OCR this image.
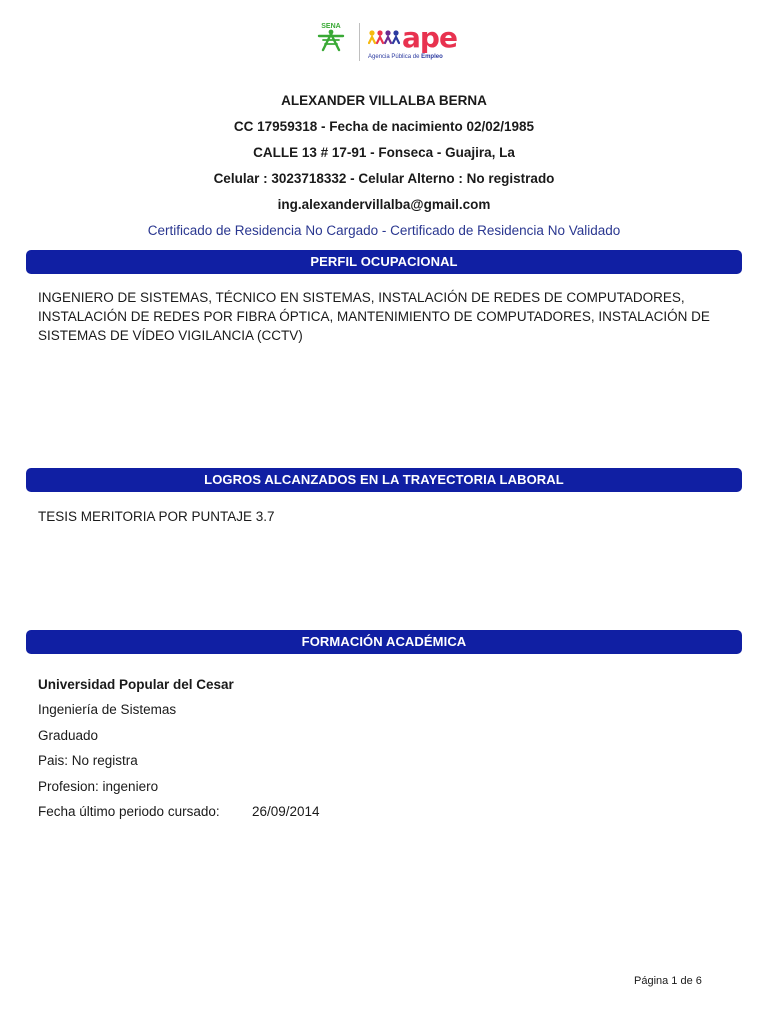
SENA ape
Agencia Pública de Empleo
ALEXANDER VILLALBA BERNA
CC 17959318 - Fecha de nacimiento 02/02/1985
CALLE 13 # 17-91 - Fonseca - Guajira, La
Celular : 3023718332 - Celular Alterno : No registrado
ing.alexandervillalba@gmail.com
Certificado de Residencia No Cargado - Certificado de Residencia No Validado
PERFIL OCUPACIONAL
INGENIERO DE SISTEMAS, TÉCNICO EN SISTEMAS, INSTALACIÓN DE REDES DE COMPUTADORES, INSTALACIÓN DE REDES POR FIBRA ÓPTICA, MANTENIMIENTO DE COMPUTADORES, INSTALACIÓN DE SISTEMAS DE VÍDEO VIGILANCIA (CCTV)
LOGROS ALCANZADOS EN LA TRAYECTORIA LABORAL
TESIS MERITORIA POR PUNTAJE 3.7
FORMACIÓN ACADÉMICA
Universidad Popular del Cesar
Ingeniería de Sistemas
Graduado
Pais: No registra
Profesion: ingeniero
Fecha último periodo cursado: 26/09/2014
Página 1 de 6
